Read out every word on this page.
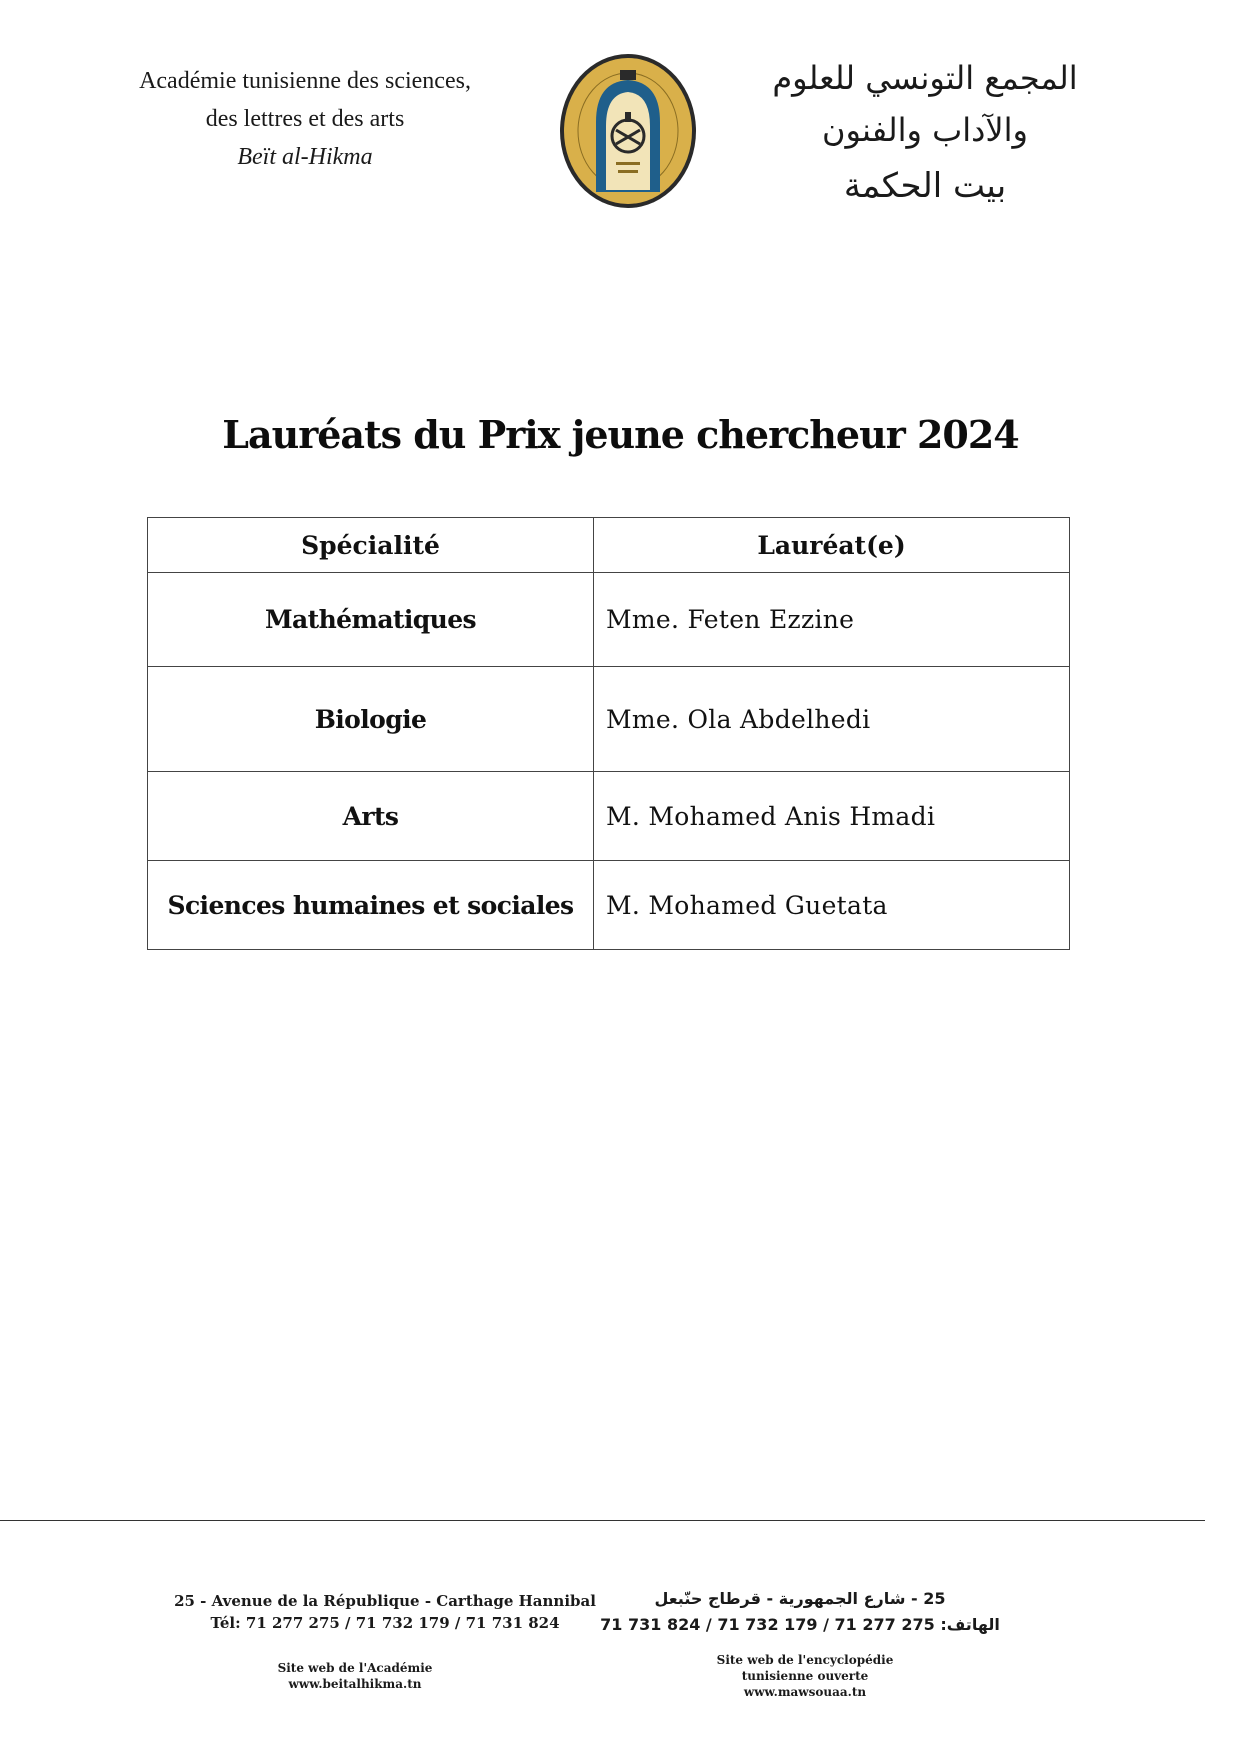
Académie tunisienne des sciences,
des lettres et des arts
Beït al-Hikma
المجمع التونسي للعلوم والآداب والفنون
بيت الحكمة
Lauréats du Prix jeune chercheur 2024
Spécialité	Lauréat(e)
Mathématiques	Mme. Feten Ezzine
Biologie	Mme. Ola Abdelhedi
Arts	M. Mohamed Anis Hmadi
Sciences humaines et sociales	M. Mohamed Guetata
25 - Avenue de la République - Carthage Hannibal
Tél: 71 277 275 / 71 732 179 / 71 731 824
25 - شارع الجمهورية - قرطاج حنّبعل
الهاتف: 275 277 71 / 179 732 71 / 824 731 71
Site web de l'Académie
www.beitalhikma.tn
Site web de l'encyclopédie
tunisienne ouverte
www.mawsouaa.tn
